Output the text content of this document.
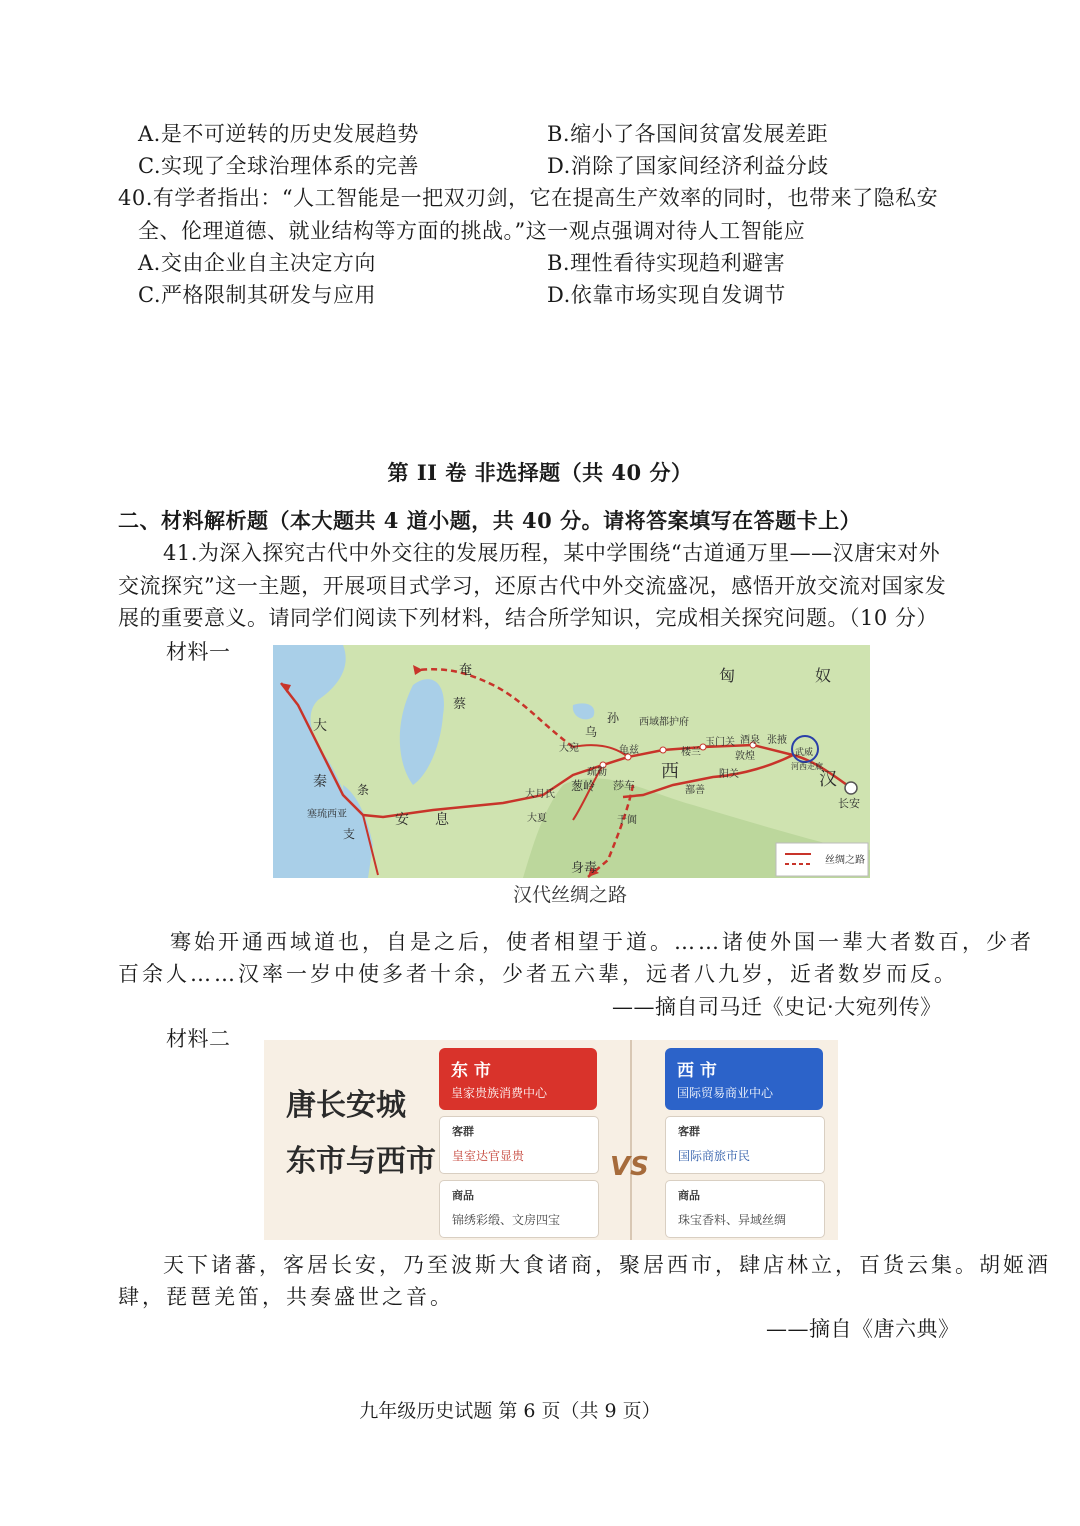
A.是不可逆转的历史发展趋势	B.缩小了各国间贫富发展差距
C.实现了全球治理体系的完善	D.消除了国家间经济利益分歧
40.有学者指出：“人工智能是一把双刃剑，它在提高生产效率的同时，也带来了隐私安
全、伦理道德、就业结构等方面的挑战。”这一观点强调对待人工智能应
A.交由企业自主决定方向	B.理性看待实现趋利避害
C.严格限制其研发与应用	D.依靠市场实现自发调节
第 II 卷 非选择题（共 40 分）
二、材料解析题（本大题共 4 道小题，共 40 分。请将答案填写在答题卡上）
41.为深入探究古代中外交往的发展历程，某中学围绕“古道通万里——汉唐宋对外
交流探究”这一主题，开展项目式学习，还原古代中外交流盛况，感悟开放交流对国家发
展的重要意义。请同学们阅读下列材料，结合所学知识，完成相关探究问题。（10 分）
材料一
匈	奴
奄
蔡
乌
孙 西域都护府
玉门关 酒泉 张掖
武威
河西走廊
汉
长安
大宛	龟兹	楼兰	敦煌
阳关
疏勒
葱岭 莎车	鄯善
西
大月氏
大夏	于阗
身毒
安 息
大
秦	条
支
塞琉西亚
丝绸之路
汉代丝绸之路
骞始开通西域道也，自是之后，使者相望于道。……诸使外国一辈大者数百，少者
百余人……汉率一岁中使多者十余，少者五六辈，远者八九岁，近者数岁而反。
——摘自司马迁《史记·大宛列传》
材料二
唐长安城
东市与西市	VS
东 市
皇家贵族消费中心
客群
皇室达官显贵
商品
锦绣彩缎、文房四宝
西 市
国际贸易商业中心
客群
国际商旅市民
商品
珠宝香料、异域丝绸
天下诸蕃，客居长安，乃至波斯大食诸商，聚居西市，肆店林立，百货云集。胡姬酒
肆，琵琶羌笛，共奏盛世之音。
——摘自《唐六典》
九年级历史试题 第 6 页（共 9 页）
